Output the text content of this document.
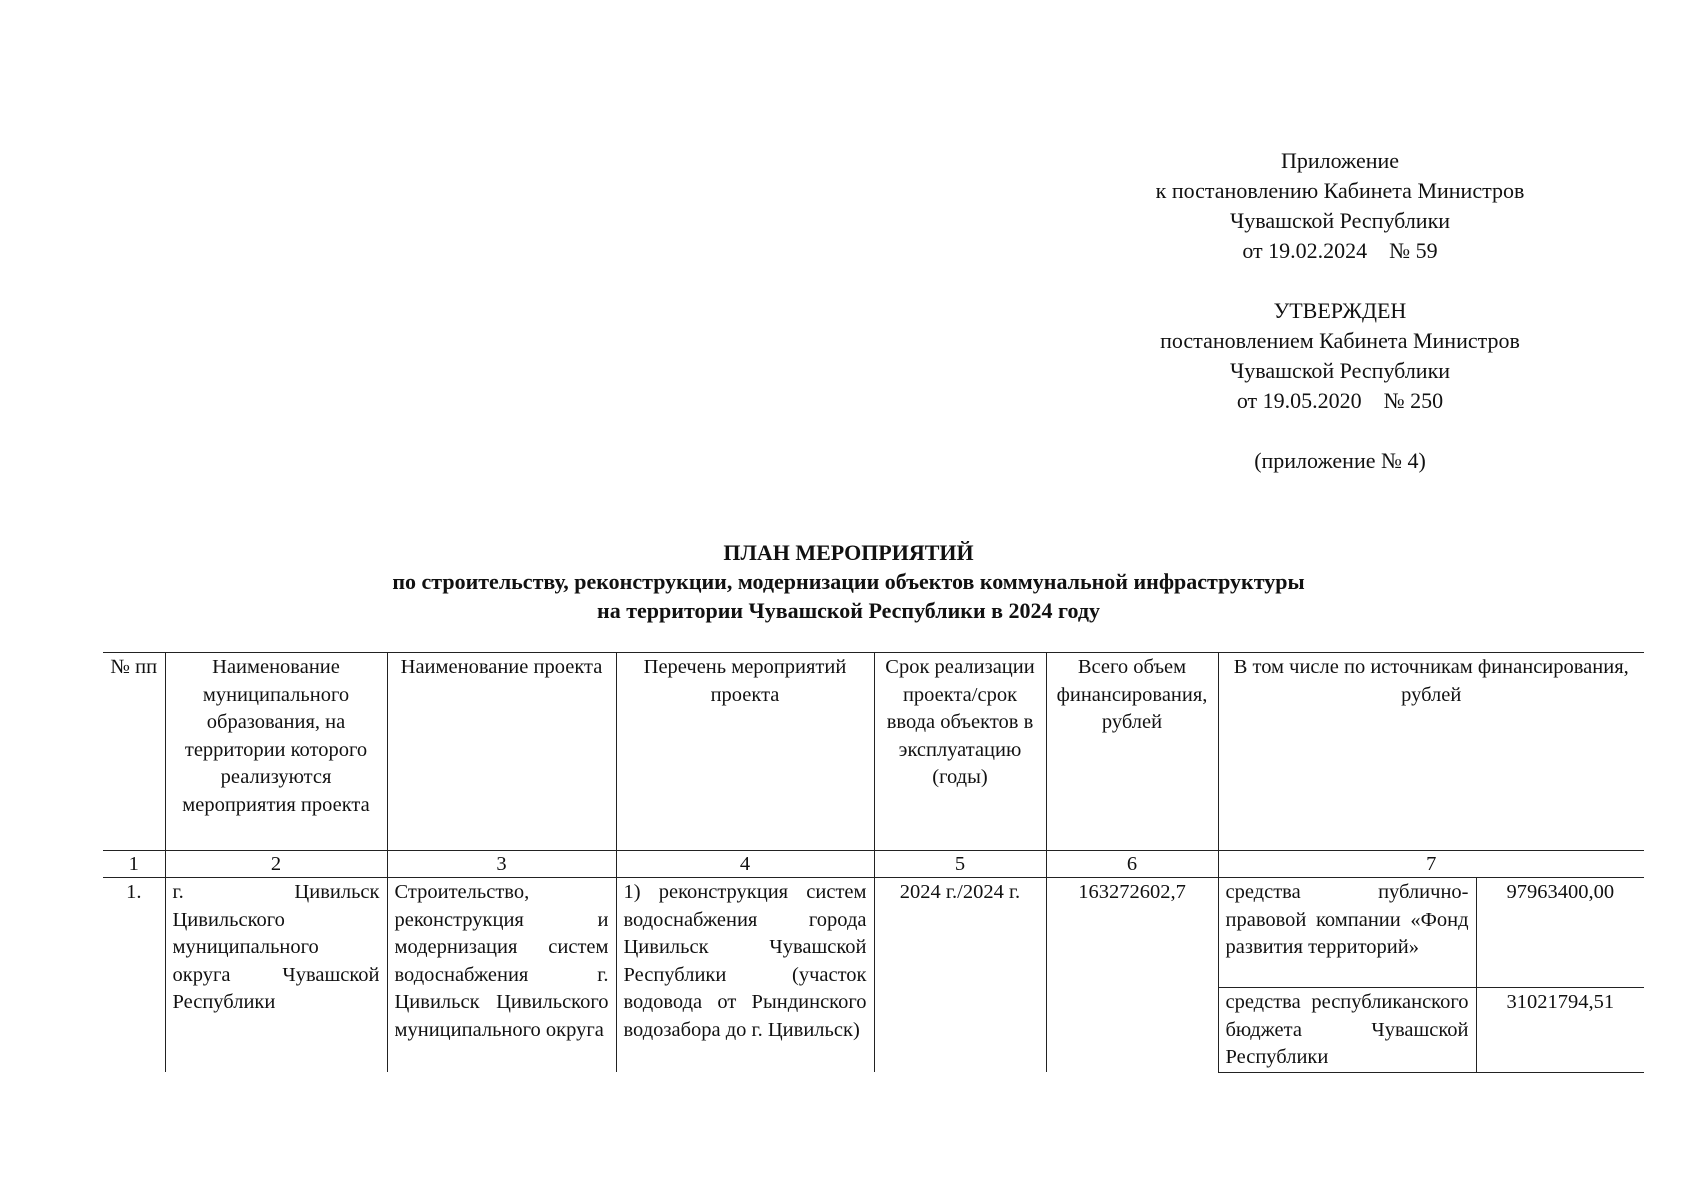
Приложение
к постановлению Кабинета Министров
Чувашской Республики
от 19.02.2024    № 59
УТВЕРЖДЕН
постановлением Кабинета Министров
Чувашской Республики
от 19.05.2020    № 250
(приложение № 4)
ПЛАН МЕРОПРИЯТИЙ
по строительству, реконструкции, модернизации объектов коммунальной инфраструктуры
на территории Чувашской Республики в 2024 году
№ пп	Наименование муниципального образования, на территории которого реализуются мероприятия проекта	Наименование проекта	Перечень мероприятий проекта	Срок реализации проекта/срок ввода объектов в эксплуатацию (годы)	Всего объем финансирования, рублей	В том числе по источникам финансирования, рублей	
1	2	3	4	5	6	7	
1.	г. Цивильск Цивильского муниципального округа Чувашской Республики	Строительство, реконструкция и модернизация систем водоснабжения г. Цивильск Цивильского муниципального округа	1) реконструкция систем водоснабжения города Цивильск Чувашской Республики (участок водовода от Рындинского водозабора до г. Цивильск)	2024 г./2024 г.	163272602,7	средства публично-правовой компании «Фонд развития территорий»	97963400,00
						средства республиканского бюджета Чувашской Республики	31021794,51
